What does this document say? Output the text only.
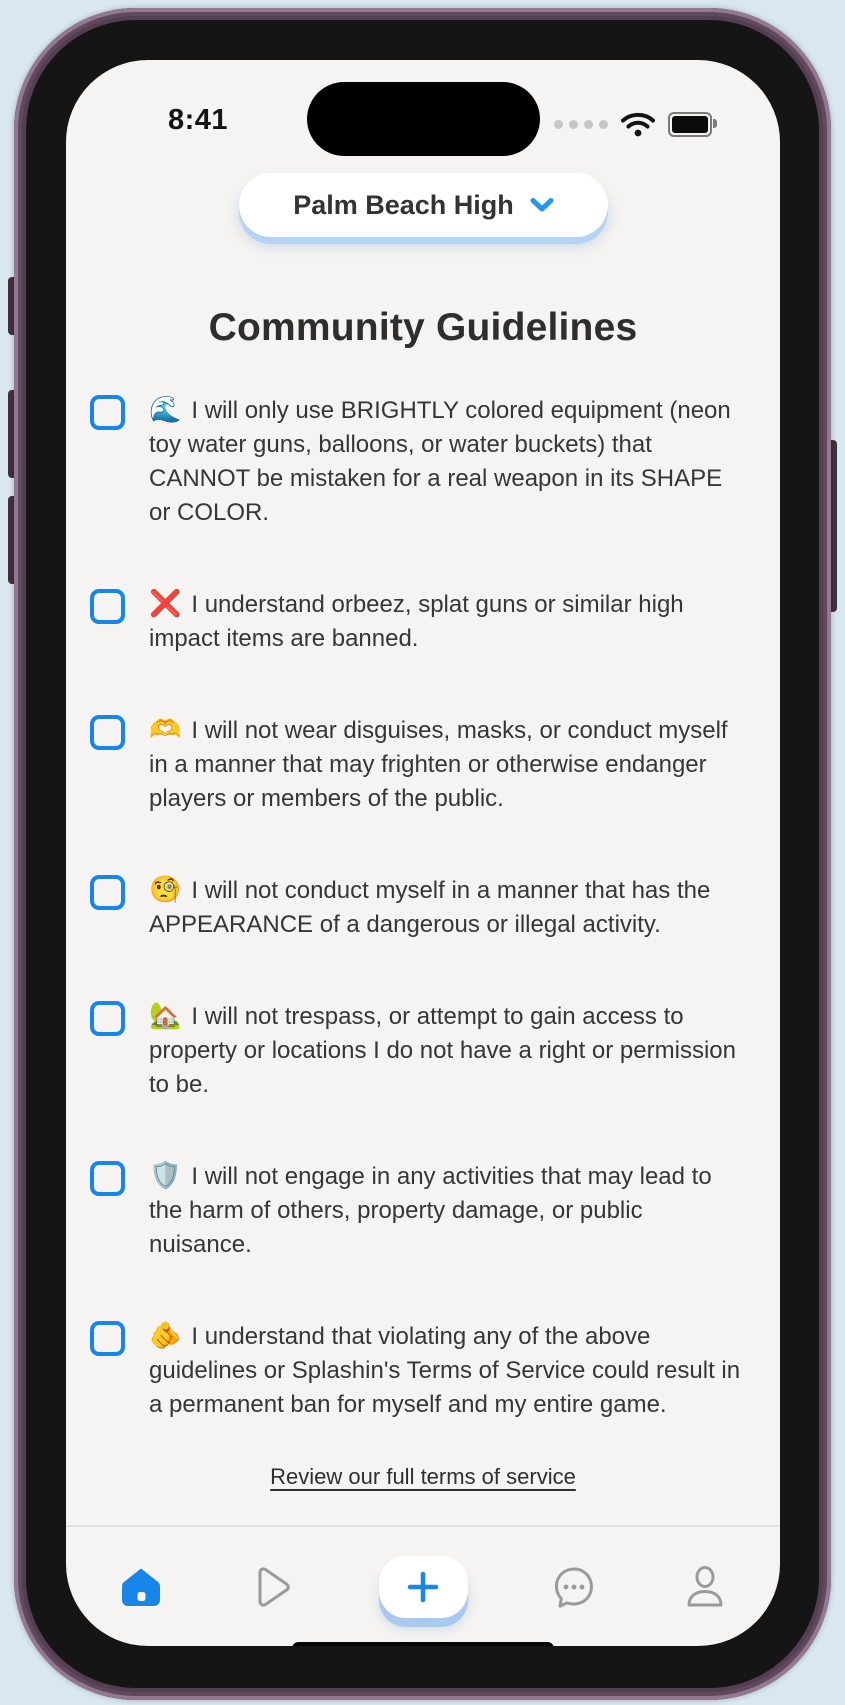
8:41
Palm Beach High
Community Guidelines
🌊 I will only use BRIGHTLY colored equipment (neon toy water guns, balloons, or water buckets) that CANNOT be mistaken for a real weapon in its SHAPE or COLOR.
❌ I understand orbeez, splat guns or similar high impact items are banned.
🫶 I will not wear disguises, masks, or conduct myself in a manner that may frighten or otherwise endanger players or members of the public.
🧐 I will not conduct myself in a manner that has the APPEARANCE of a dangerous or illegal activity.
🏡 I will not trespass, or attempt to gain access to property or locations I do not have a right or permission to be.
🛡️ I will not engage in any activities that may lead to the harm of others, property damage, or public nuisance.
🫵 I understand that violating any of the above guidelines or Splashin's Terms of Service could result in a permanent ban for myself and my entire game.
Review our full terms of service
